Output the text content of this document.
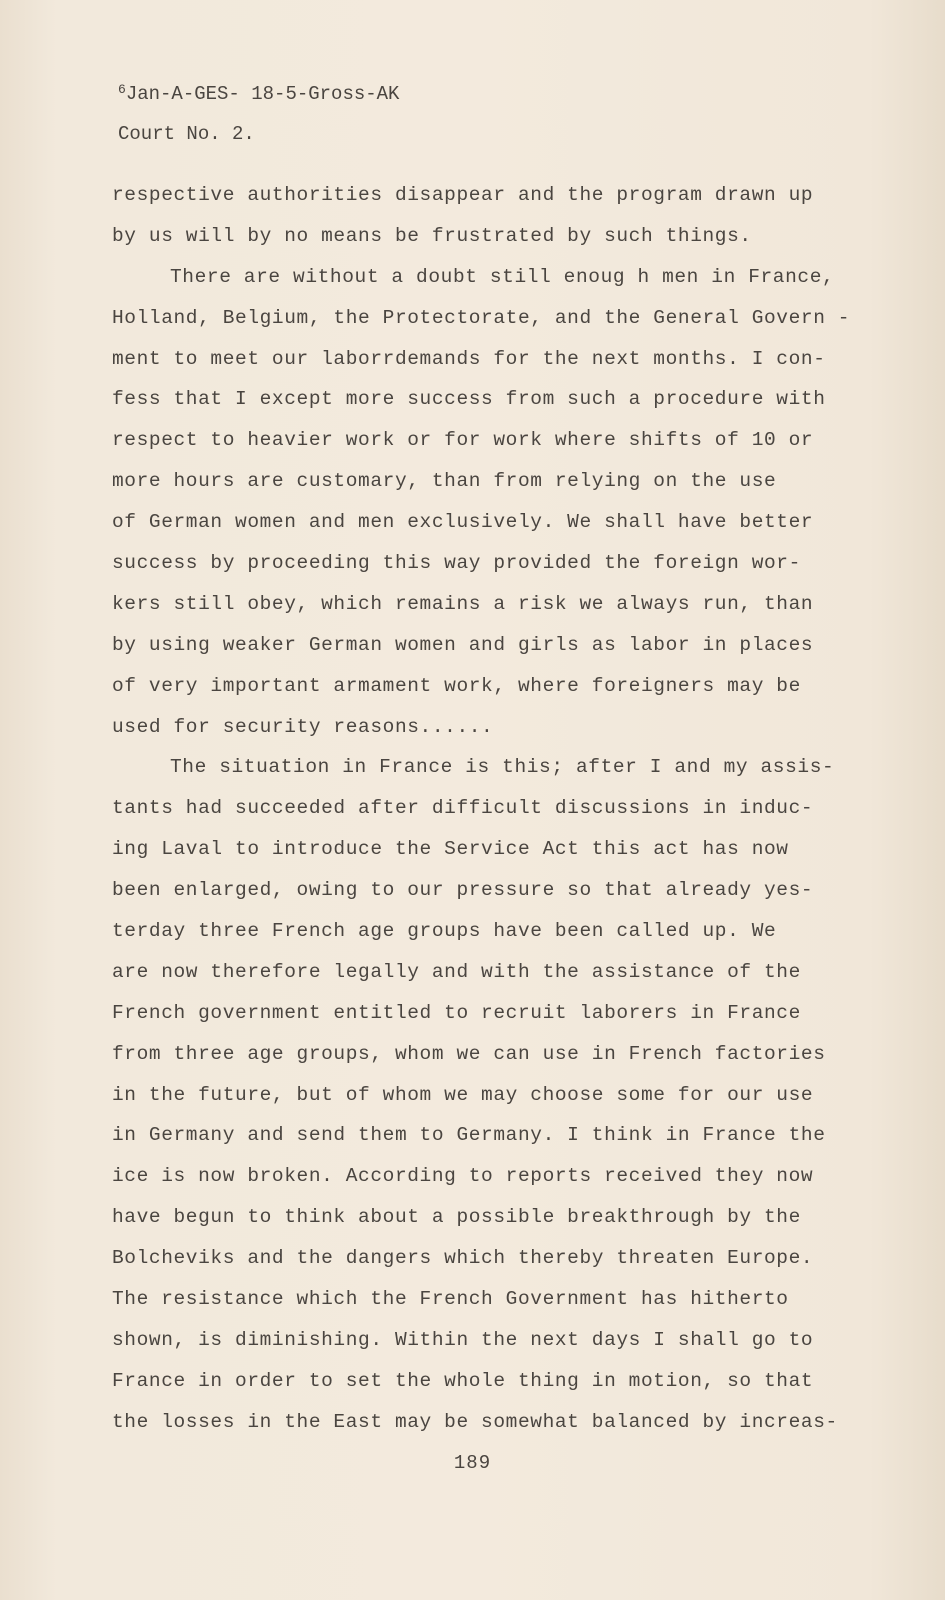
$^6$Jan-A-GES- 18-5-Gross-AK
Court No. 2.
respective authorities disappear and the program drawn up
by us will by no means be frustrated by such things.
There are without a doubt still enoug h men in France,
Holland, Belgium, the Protectorate, and the General Govern -
ment to meet our laborrdemands for the next months. I con-
fess that I except more success from such a procedure with
respect to heavier work or for work where shifts of 10 or
more hours are customary, than from relying on the use
of German women and men exclusively. We shall have better
success by proceeding this way provided the foreign wor-
kers still obey, which remains a risk we always run, than
by using weaker German women and girls as labor in places
of very important armament work, where foreigners may be
used for security reasons......
The situation in France is this; after I and my assis-
tants had succeeded after difficult discussions in induc-
ing Laval to introduce the Service Act this act has now
been enlarged, owing to our pressure so that already yes-
terday three French age groups have been called up. We
are now therefore legally and with the assistance of the
French government entitled to recruit laborers in France
from three age groups, whom we can use in French factories
in the future, but of whom we may choose some for our use
in Germany and send them to Germany. I think in France the
ice is now broken. According to reports received they now
have begun to think about a possible breakthrough by the
Bolcheviks and the dangers which thereby threaten Europe.
The resistance which the French Government has hitherto
shown, is diminishing. Within the next days I shall go to
France in order to set the whole thing in motion, so that
the losses in the East may be somewhat balanced by increas-
189
